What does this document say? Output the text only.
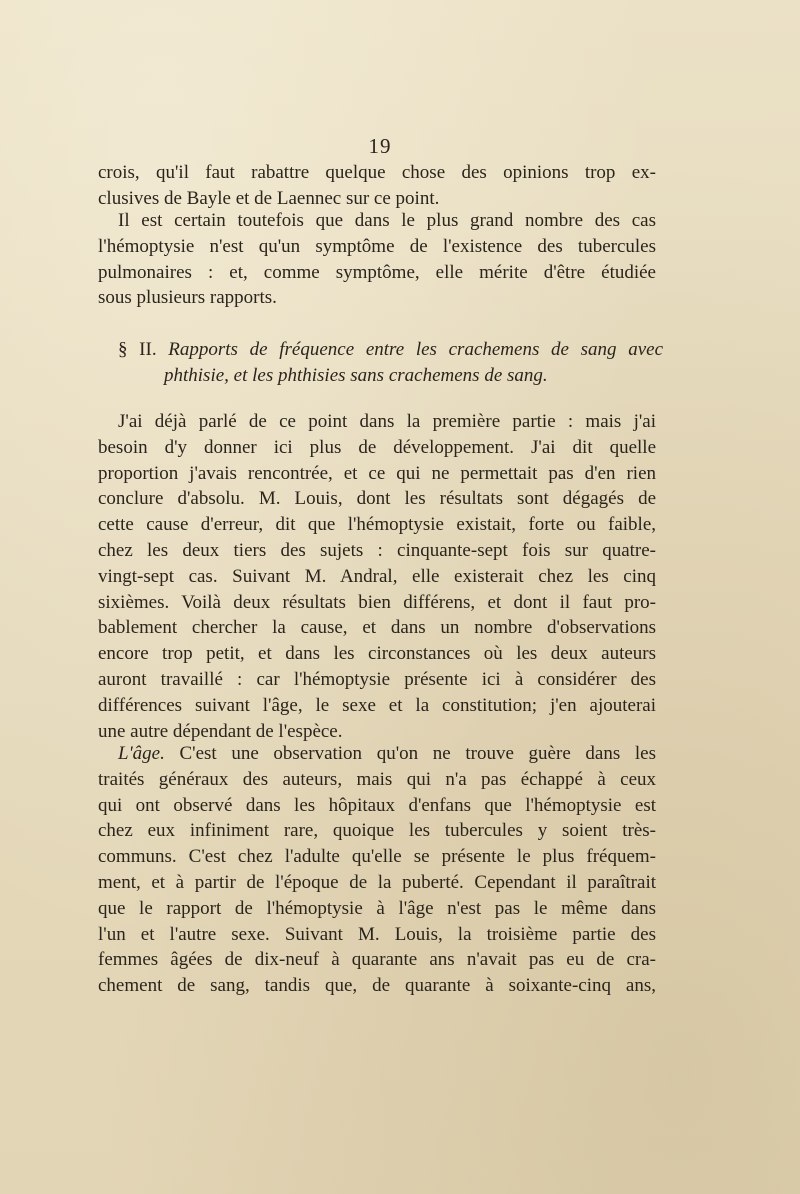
19
crois, qu'il faut rabattre quelque chose des opinions trop ex-
clusives de Bayle et de Laennec sur ce point.
Il est certain toutefois que dans le plus grand nombre des cas
l'hémoptysie n'est qu'un symptôme de l'existence des tubercules
pulmonaires : et, comme symptôme, elle mérite d'être étudiée
sous plusieurs rapports.
§ II. Rapports de fréquence entre les crachemens de sang avec
phthisie, et les phthisies sans crachemens de sang.
J'ai déjà parlé de ce point dans la première partie : mais j'ai
besoin d'y donner ici plus de développement. J'ai dit quelle
proportion j'avais rencontrée, et ce qui ne permettait pas d'en rien
conclure d'absolu. M. Louis, dont les résultats sont dégagés de
cette cause d'erreur, dit que l'hémoptysie existait, forte ou faible,
chez les deux tiers des sujets : cinquante-sept fois sur quatre-
vingt-sept cas. Suivant M. Andral, elle existerait chez les cinq
sixièmes. Voilà deux résultats bien différens, et dont il faut pro-
bablement chercher la cause, et dans un nombre d'observations
encore trop petit, et dans les circonstances où les deux auteurs
auront travaillé : car l'hémoptysie présente ici à considérer des
différences suivant l'âge, le sexe et la constitution; j'en ajouterai
une autre dépendant de l'espèce.
L'âge. C'est une observation qu'on ne trouve guère dans les
traités généraux des auteurs, mais qui n'a pas échappé à ceux
qui ont observé dans les hôpitaux d'enfans que l'hémoptysie est
chez eux infiniment rare, quoique les tubercules y soient très-
communs. C'est chez l'adulte qu'elle se présente le plus fréquem-
ment, et à partir de l'époque de la puberté. Cependant il paraîtrait
que le rapport de l'hémoptysie à l'âge n'est pas le même dans
l'un et l'autre sexe. Suivant M. Louis, la troisième partie des
femmes âgées de dix-neuf à quarante ans n'avait pas eu de cra-
chement de sang, tandis que, de quarante à soixante-cinq ans,
